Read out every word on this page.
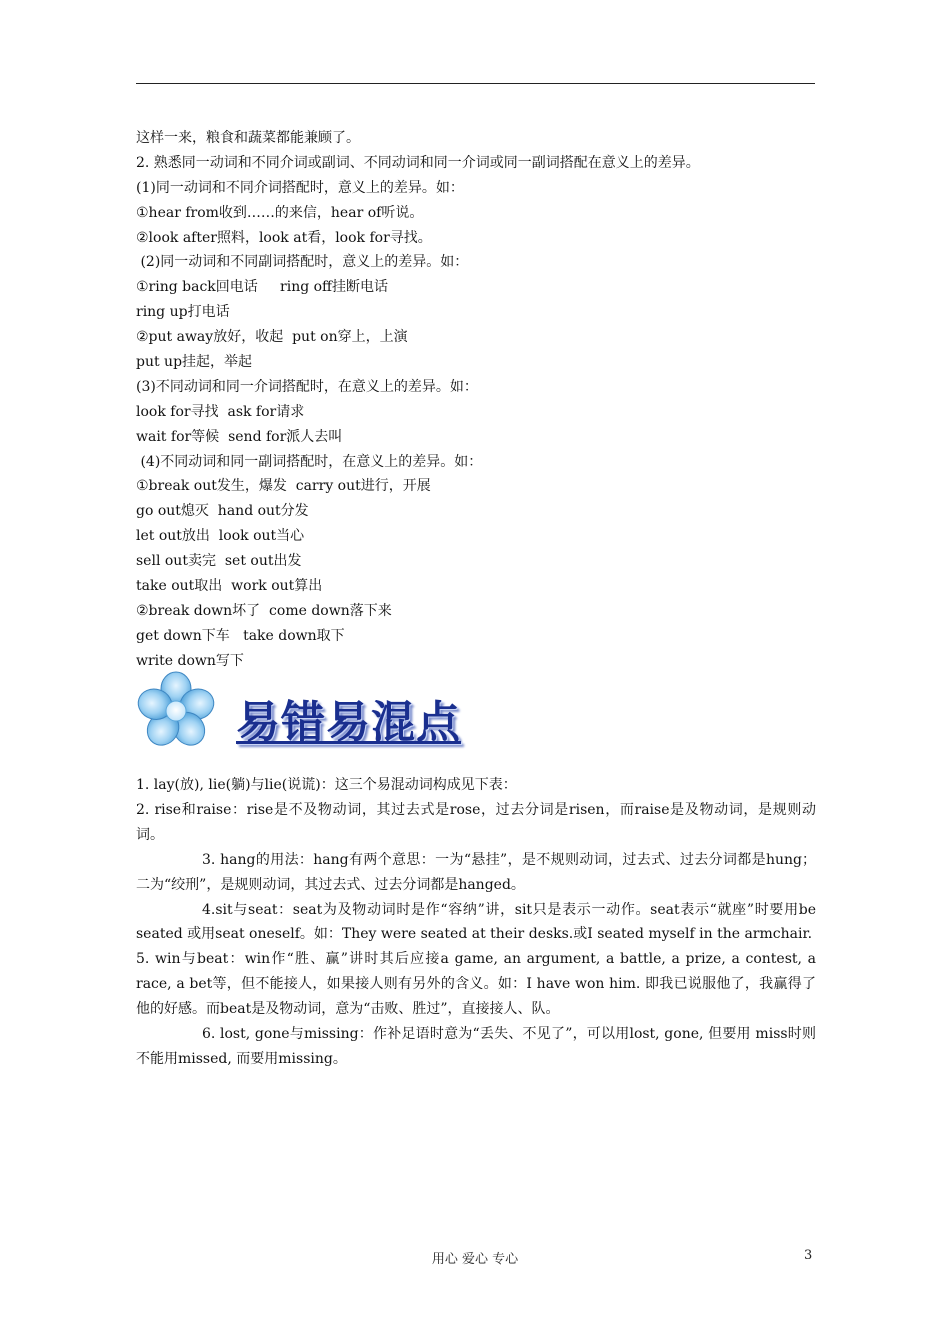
这样一来，粮食和蔬菜都能兼顾了。
2. 熟悉同一动词和不同介词或副词、不同动词和同一介词或同一副词搭配在意义上的差异。
(1)同一动词和不同介词搭配时，意义上的差异。如：
①hear from收到……的来信，hear of听说。
②look after照料，look at看，look for寻找。
(2)同一动词和不同副词搭配时，意义上的差异。如：
①ring back回电话     ring off挂断电话
ring up打电话
②put away放好，收起  put on穿上，上演
put up挂起，举起
(3)不同动词和同一介词搭配时，在意义上的差异。如：
look for寻找  ask for请求
wait for等候  send for派人去叫
(4)不同动词和同一副词搭配时，在意义上的差异。如：
①break out发生，爆发  carry out进行，开展
go out熄灭  hand out分发
let out放出  look out当心
sell out卖完  set out出发
take out取出  work out算出
②break down坏了  come down落下来
get down下车   take down取下
write down写下
易错易混点

1. lay(放), lie(躺)与lie(说谎)：这三个易混动词构成见下表：

2. rise和raise：rise是不及物动词，其过去式是rose，过去分词是risen，而raise是及物动词，是规则动词。

3. hang的用法：hang有两个意思：一为“悬挂”，是不规则动词，过去式、过去分词都是hung；二为“绞刑”，是规则动词，其过去式、过去分词都是hanged。

4.sit与seat：seat为及物动词时是作“容纳”讲，sit只是表示一动作。seat表示“就座”时要用be seated 或用seat oneself。如：They were seated at their desks.或I seated myself in the armchair.

5. win与beat：win作“胜、赢”讲时其后应接a game, an argument, a battle, a prize, a contest, a race, a bet等，但不能接人，如果接人则有另外的含义。如：I have won him. 即我已说服他了，我赢得了他的好感。而beat是及物动词，意为“击败、胜过”，直接接人、队。

6. lost, gone与missing：作补足语时意为“丢失、不见了”，可以用lost, gone, 但要用 miss时则不能用missed, 而要用missing。

用心 爱心 专心	3
